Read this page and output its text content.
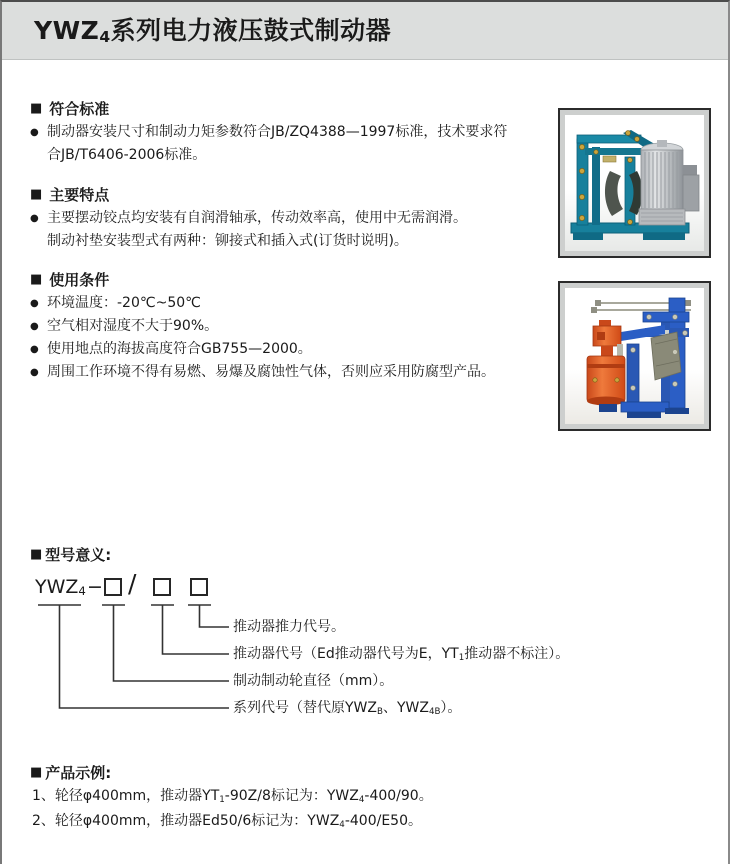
YWZ4系列电力液压鼓式制动器
■ 符合标准
● 制动器安装尺寸和制动力矩参数符合JB/ZQ4388—1997标准，技术要求符
合JB/T6406-2006标准。
■ 主要特点
● 主要摆动铰点均安装有自润滑轴承，传动效率高，使用中无需润滑。
制动衬垫安装型式有两种：铆接式和插入式(订货时说明)。
■ 使用条件
● 环境温度：-20℃~50℃
● 空气相对湿度不大于90%。
● 使用地点的海拔高度符合GB755—2000。
● 周围工作环境不得有易燃、易爆及腐蚀性气体，否则应采用防腐型产品。
■ 型号意义:
YWZ4 − /
推动器推力代号。
推动器代号（Ed推动器代号为E，YT1推动器不标注）。
制动制动轮直径（mm）。
系列代号（替代原YWZB、YWZ4B）。
■ 产品示例:
1、轮径φ400mm，推动器YT1-90Z/8标记为：YWZ4-400/90。
2、轮径φ400mm，推动器Ed50/6标记为：YWZ4-400/E50。
